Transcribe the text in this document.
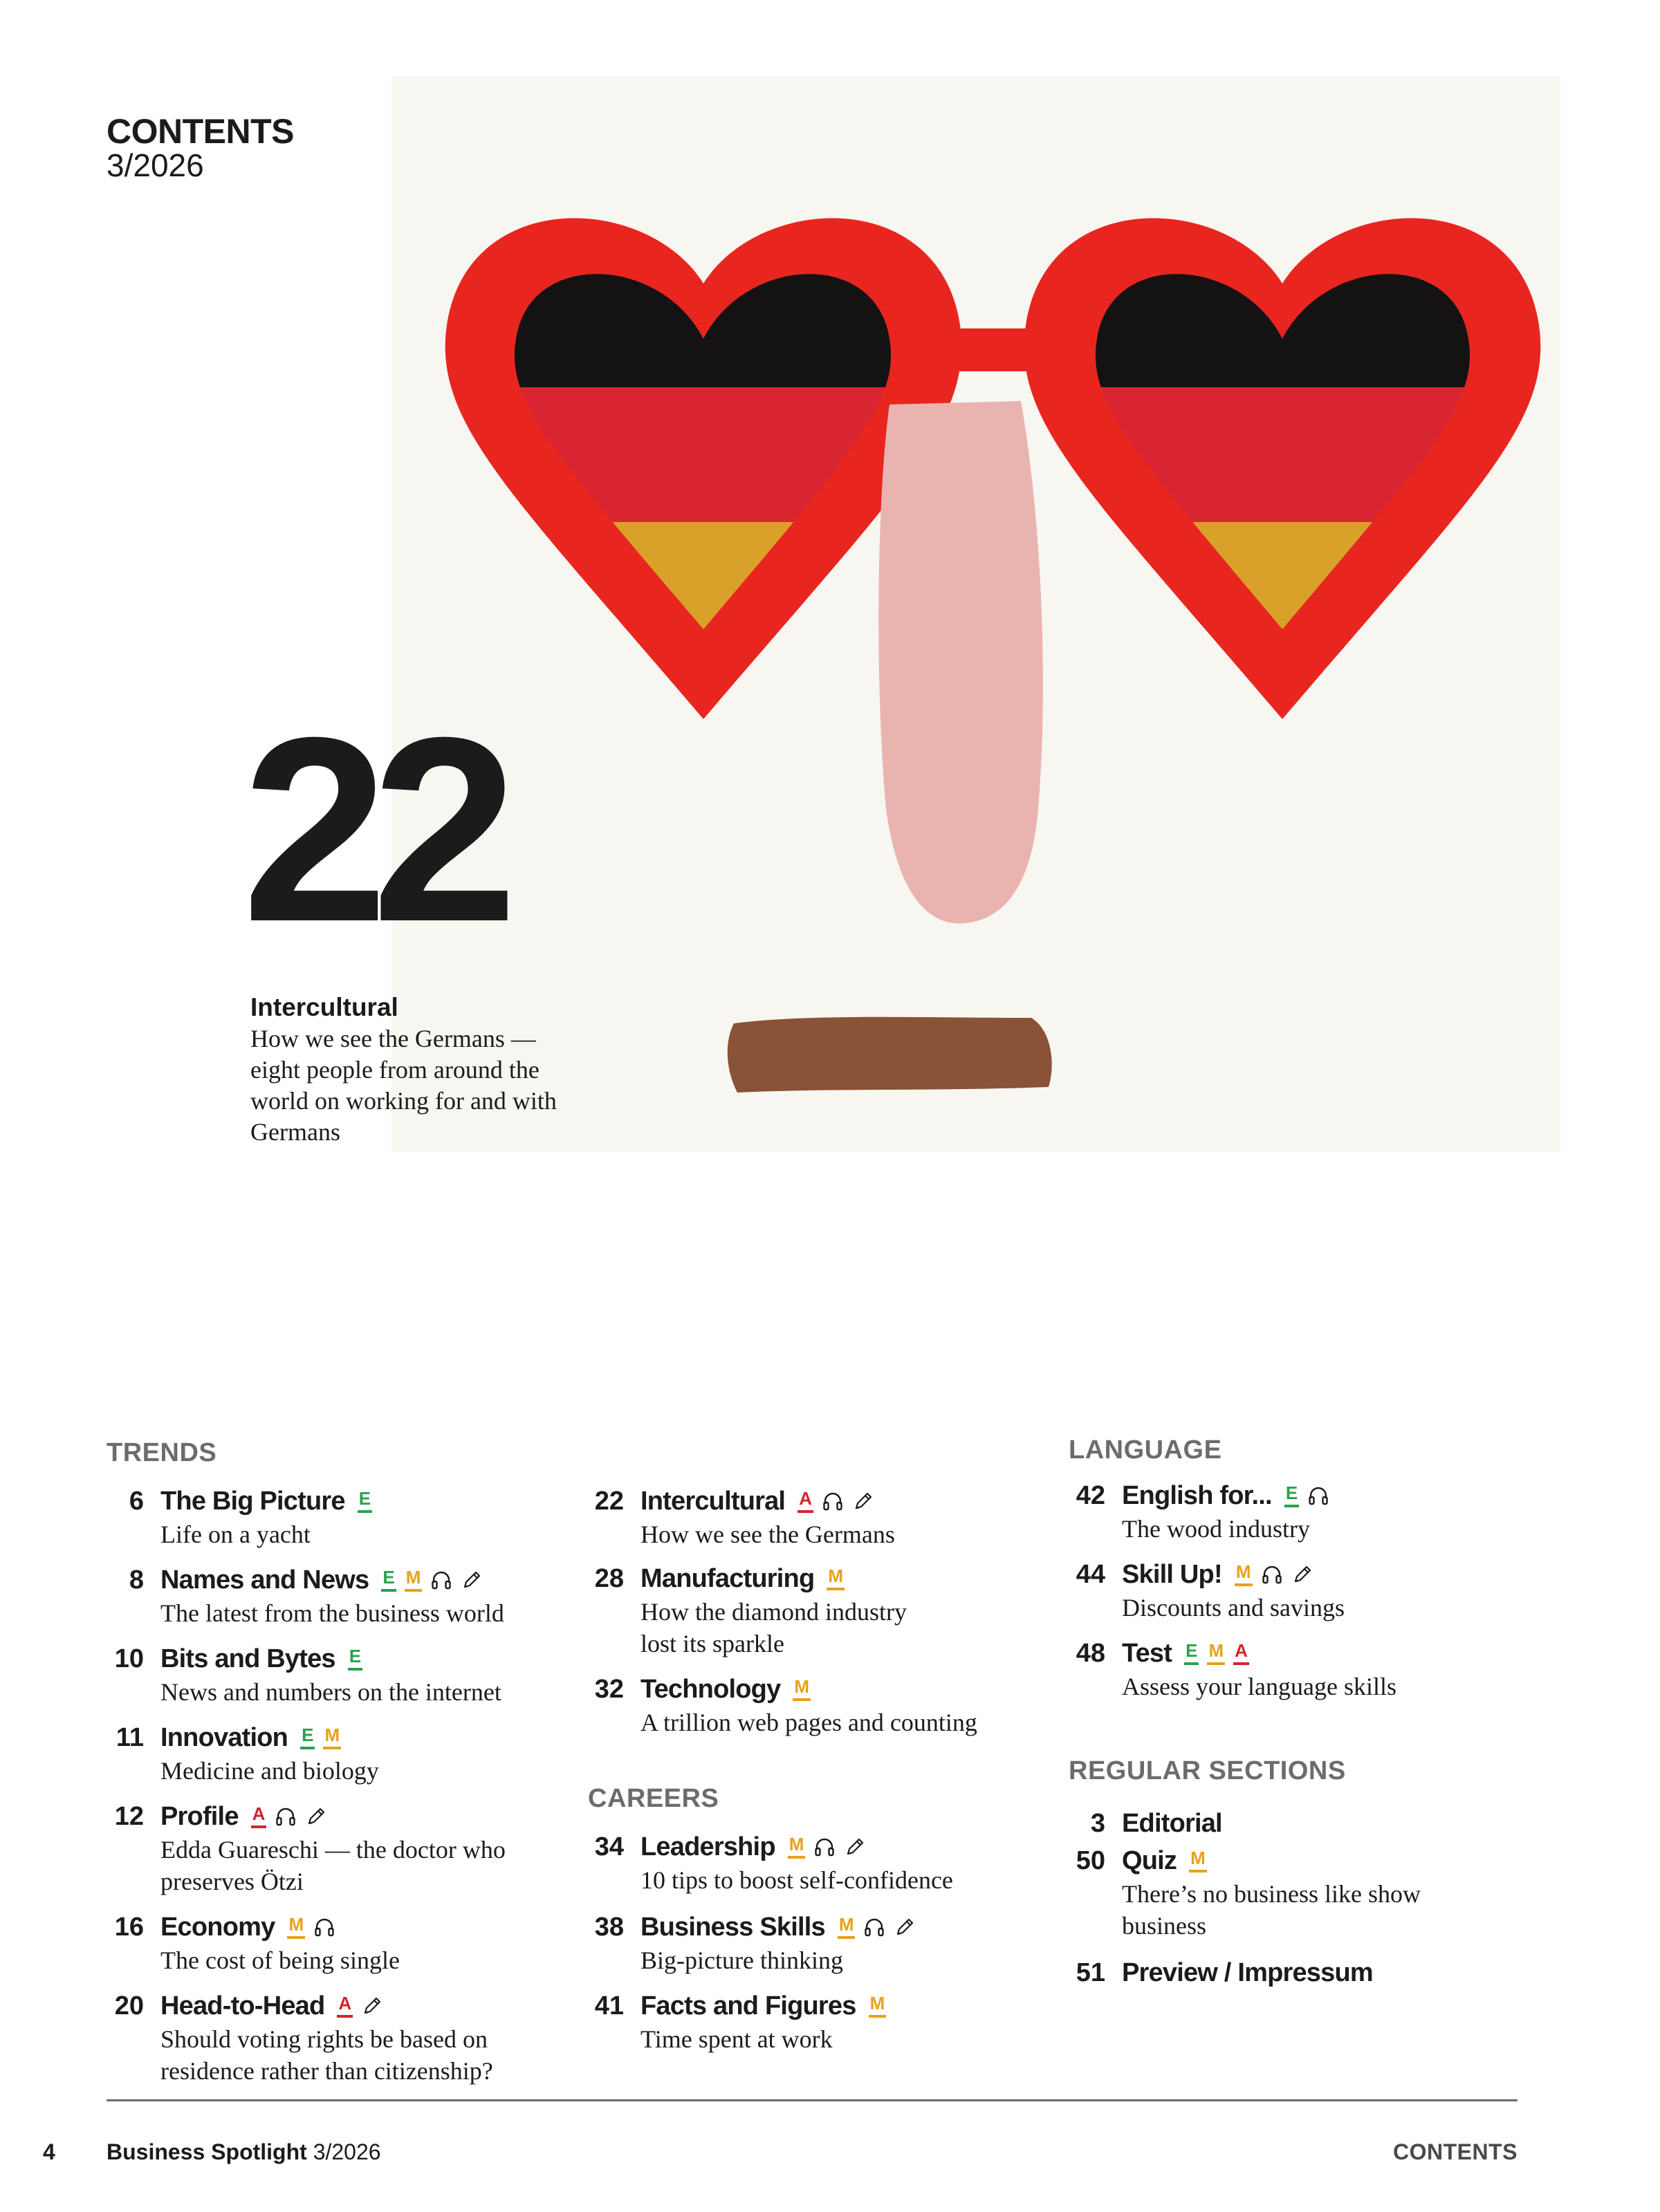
CONTENTS
3/2026
22
Intercultural
How we see the Germans — eight people from around the world on working for and with Germans
TRENDS
CAREERS
LANGUAGE
REGULAR SECTIONS
6 The Big Picture E
Life on a yacht
8 Names and News E M
The latest from the business world
10 Bits and Bytes E
News and numbers on the internet
11 Innovation E M
Medicine and biology
12 Profile A
Edda Guareschi — the doctor who
preserves Ötzi
16 Economy M
The cost of being single
20 Head-to-Head A
Should voting rights be based on
residence rather than citizenship?
22 Intercultural A
How we see the Germans
28 Manufacturing M
How the diamond industry
lost its sparkle
32 Technology M
A trillion web pages and counting
34 Leadership M
10 tips to boost self-confidence
38 Business Skills M
Big-picture thinking
41 Facts and Figures M
Time spent at work
42 English for... E
The wood industry
44 Skill Up! M
Discounts and savings
48 Test E M A
Assess your language skills
3 Editorial
50 Quiz M
There’s no business like show
business
51 Preview / Impressum
4 Business Spotlight 3/2026	CONTENTS
